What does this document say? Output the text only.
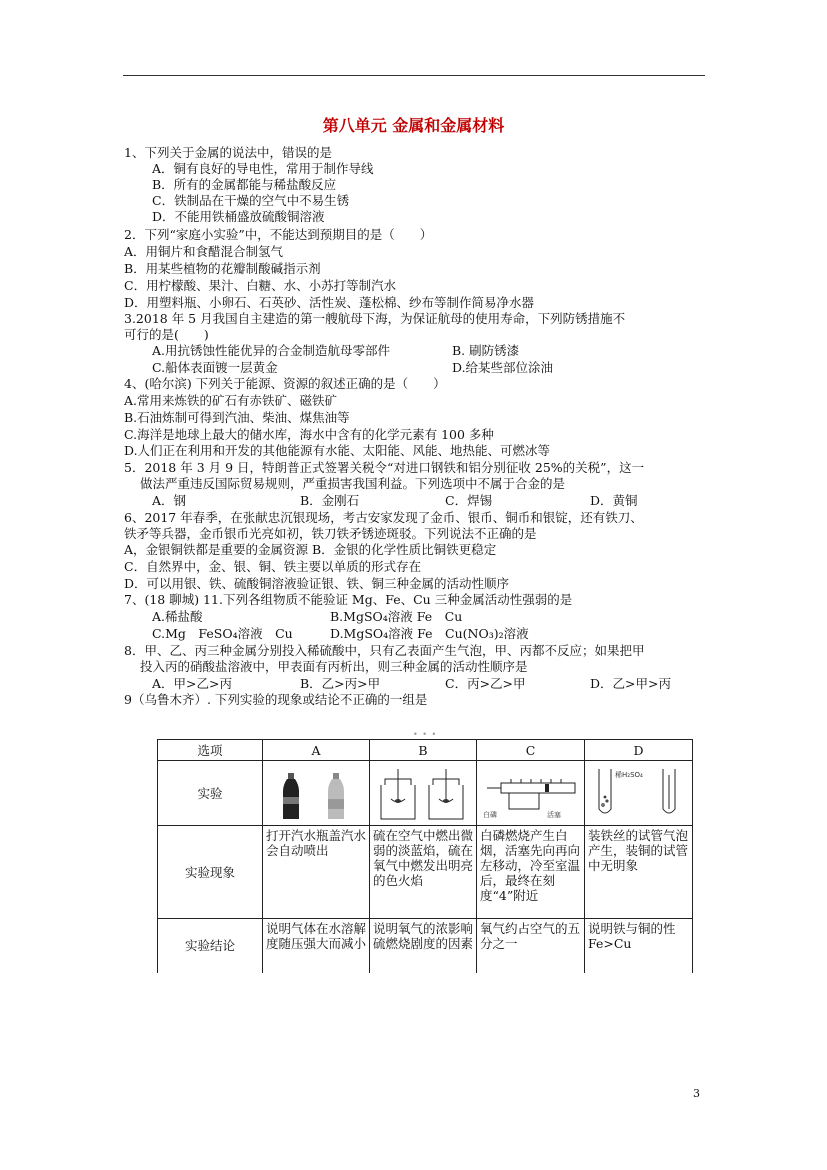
第八单元 金属和金属材料
1、下列关于金属的说法中，错误的是
A．铜有良好的导电性，常用于制作导线
B．所有的金属都能与稀盐酸反应
C．铁制品在干燥的空气中不易生锈
D．不能用铁桶盛放硫酸铜溶液
2．下列“家庭小实验”中，不能达到预期目的是（　　）
A．用铜片和食醋混合制氢气
B．用某些植物的花瓣制酸碱指示剂
C．用柠檬酸、果汁、白糖、水、小苏打等制汽水
D．用塑料瓶、小卵石、石英砂、活性炭、蓬松棉、纱布等制作简易净水器
3.2018 年 5 月我国自主建造的第一艘航母下海，为保证航母的使用寿命，下列防锈措施不
可行的是(　　)
4、(哈尔滨) 下列关于能源、资源的叙述正确的是（　　）
A.常用来炼铁的矿石有赤铁矿、磁铁矿
B.石油炼制可得到汽油、柴油、煤焦油等
C.海洋是地球上最大的储水库，海水中含有的化学元素有 100 多种
D.人们正在利用和开发的其他能源有水能、太阳能、风能、地热能、可燃冰等
5．2018 年 3 月 9 日，特朗普正式签署关税令“对进口钢铁和铝分别征收 25%的关税”，这一
做法严重违反国际贸易规则，严重损害我国利益。下列选项中不属于合金的是
6、2017 年春季，在张献忠沉银现场，考古安家发现了金币、银币、铜币和银锭，还有铁刀、
铁矛等兵器，金币银币光亮如初，铁刀铁矛锈迹斑驳。下列说法不正确的是
A，金银铜铁都是重要的金属资源 B．金银的化学性质比铜铁更稳定
C．自然界中，金、银、铜、铁主要以单质的形式存在
D．可以用银、铁、硫酸铜溶液验证银、铁、铜三种金属的活动性顺序
7、(18 聊城) 11.下列各组物质不能验证 Mg、Fe、Cu 三种金属活动性强弱的是
8．甲、乙、丙三种金属分别投入稀硫酸中，只有乙表面产生气泡，甲、丙都不反应；如果把甲
投入丙的硝酸盐溶液中，甲表面有丙析出，则三种金属的活动性顺序是
9（乌鲁木齐）. 下列实验的现象或结论不正确的一组是
A.用抗锈蚀性能优异的合金制造航母零部件	B. 刷防锈漆
C.船体表面镀一层黄金	D.给某些部位涂油
A．钢	B．金刚石	C．焊锡	D．黄铜
A.稀盐酸	B.MgSO₄溶液 Fe　Cu
C.Mg　FeSO₄溶液　Cu	D.MgSO₄溶液 Fe　Cu(NO₃)₂溶液
A．甲>乙>丙	B．乙>丙>甲	C．丙>乙>甲	D．乙>甲>丙
• • •
选项	A	B	C	D
实验			白磷 活塞	稀H₂SO₄

实验现象	打开汽水瓶盖汽水会自动喷出	硫在空气中燃出微弱的淡蓝焰，硫在氧气中燃发出明亮的色火焰	白磷燃烧产生白烟，活塞先向再向左移动，冷至室温后，最终在刻度“4”附近	装铁丝的试管气泡产生，装铜的试管中无明象
实验结论	说明气体在水溶解度随压强大而减小	说明氧气的浓影响硫燃烧剧度的因素	氧气约占空气的五分之一	说明铁与铜的性 Fe>Cu
3
